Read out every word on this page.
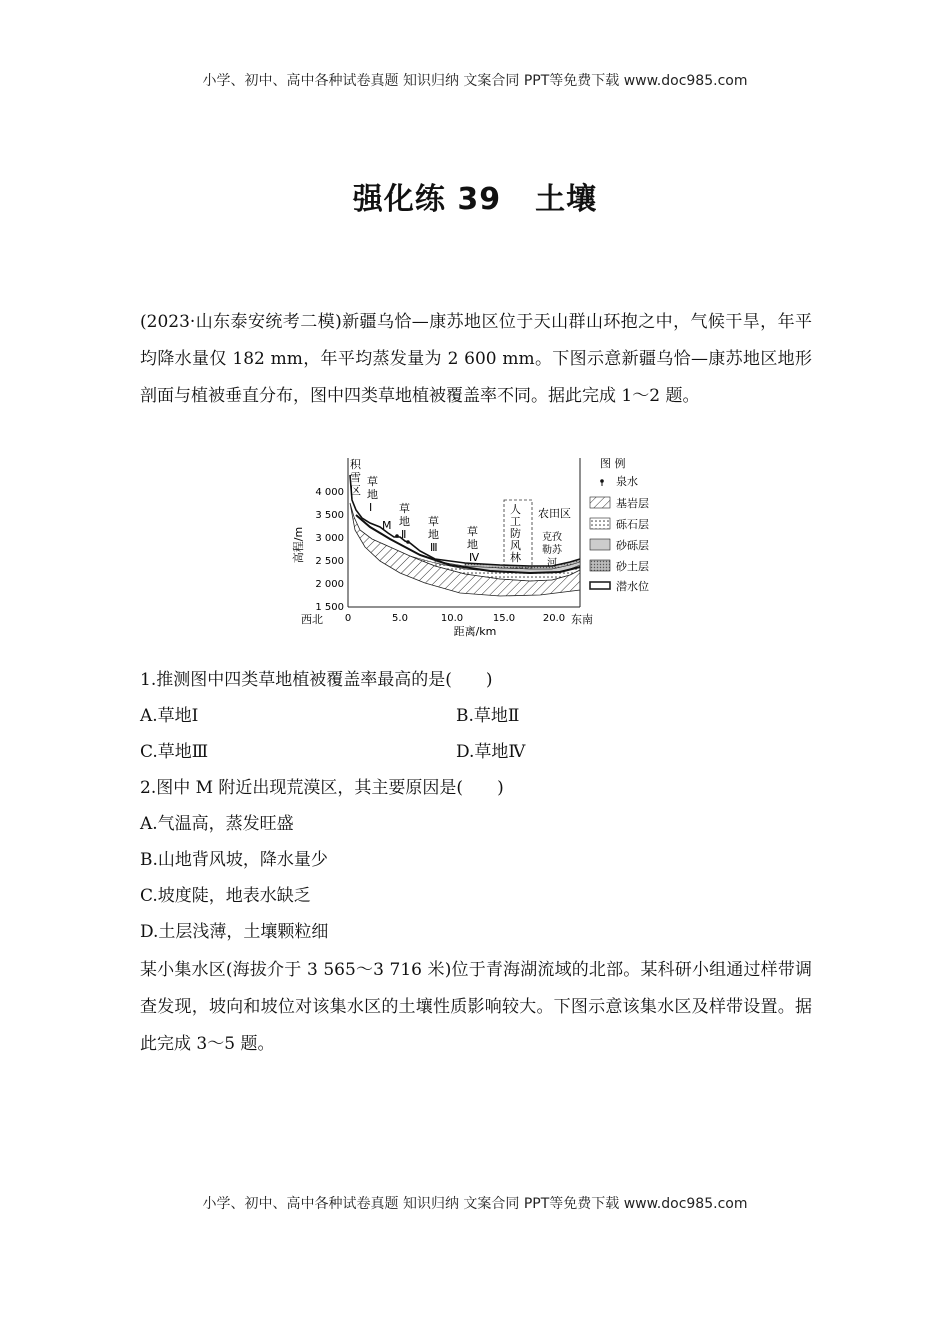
小学、初中、高中各种试卷真题 知识归纳 文案合同 PPT等免费下载 www.doc985.com
强化练 39 土壤
(2023·山东泰安统考二模)新疆乌恰—康苏地区位于天山群山环抱之中，气候干旱，年平均降水量仅 182 mm，年平均蒸发量为 2 600 mm。下图示意新疆乌恰—康苏地区地形剖面与植被垂直分布，图中四类草地植被覆盖率不同。据此完成 1～2 题。
4 000
3 500
3 000
2 500
2 000
1 500
高程/m
0	5.0	10.0	15.0	20.0
西北	东南
距离/km
积
雪
区
草
地
Ⅰ 草
地
Ⅱ
草
地
Ⅲ
草
地
Ⅳ
人
工
防
风
林
农田区
克孜
勒苏
河
M
图 例
泉水
基岩层
砾石层
砂砾层
砂土层
潜水位
1.推测图中四类草地植被覆盖率最高的是(　　)
A.草地Ⅰ	B.草地Ⅱ
C.草地Ⅲ	D.草地Ⅳ
2.图中 M 附近出现荒漠区，其主要原因是(　　)
A.气温高，蒸发旺盛
B.山地背风坡，降水量少
C.坡度陡，地表水缺乏
D.土层浅薄，土壤颗粒细
某小集水区(海拔介于 3 565～3 716 米)位于青海湖流域的北部。某科研小组通过样带调查发现，坡向和坡位对该集水区的土壤性质影响较大。下图示意该集水区及样带设置。据此完成 3～5 题。
小学、初中、高中各种试卷真题 知识归纳 文案合同 PPT等免费下载 www.doc985.com
